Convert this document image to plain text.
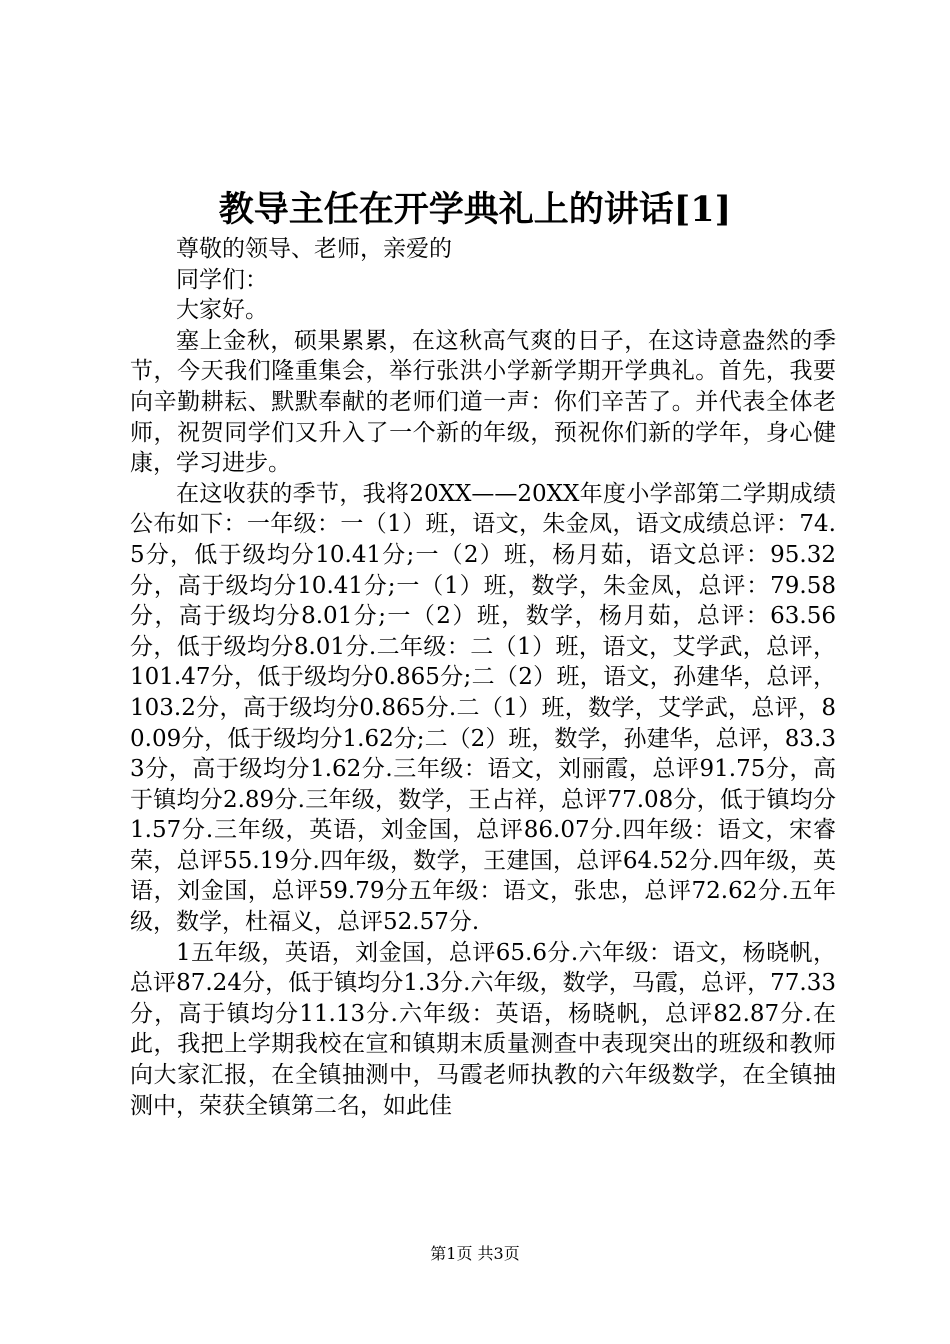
教导主任在开学典礼上的讲话[1]

尊敬的领导、老师，亲爱的

同学们：

大家好。

塞上金秋，硕果累累，在这秋高气爽的日子，在这诗意盎然的季节，今天我们隆重集会，举行张洪小学新学期开学典礼。首先，我要向辛勤耕耘、默默奉献的老师们道一声：你们辛苦了。并代表全体老师，祝贺同学们又升入了一个新的年级，预祝你们新的学年，身心健康，学习进步。

在这收获的季节，我将20XX——20XX年度小学部第二学期成绩公布如下：一年级：一（1）班，语文，朱金凤，语文成绩总评：74.5分，低于级均分10.41分;一（2）班，杨月茹，语文总评：95.32分，高于级均分10.41分;一（1）班，数学，朱金凤，总评：79.58分，高于级均分8.01分;一（2）班，数学，杨月茹，总评：63.56分，低于级均分8.01分.二年级：二（1）班，语文，艾学武，总评，101.47分，低于级均分0.865分;二（2）班，语文，孙建华，总评，103.2分，高于级均分0.865分.二（1）班，数学，艾学武，总评，80.09分，低于级均分1.62分;二（2）班，数学，孙建华，总评，83.33分，高于级均分1.62分.三年级：语文，刘丽霞，总评91.75分，高于镇均分2.89分.三年级，数学，王占祥，总评77.08分，低于镇均分1.57分.三年级，英语，刘金国，总评86.07分.四年级：语文，宋睿荣，总评55.19分.四年级，数学，王建国，总评64.52分.四年级，英语，刘金国，总评59.79分五年级：语文，张忠，总评72.62分.五年级，数学，杜福义，总评52.57分.

1五年级，英语，刘金国，总评65.6分.六年级：语文，杨晓帆，总评87.24分，低于镇均分1.3分.六年级，数学，马霞，总评，77.33分，高于镇均分11.13分.六年级：英语，杨晓帆，总评82.87分.在此，我把上学期我校在宣和镇期末质量测查中表现突出的班级和教师向大家汇报，在全镇抽测中，马霞老师执教的六年级数学，在全镇抽测中，荣获全镇第二名，如此佳

第1页 共3页
